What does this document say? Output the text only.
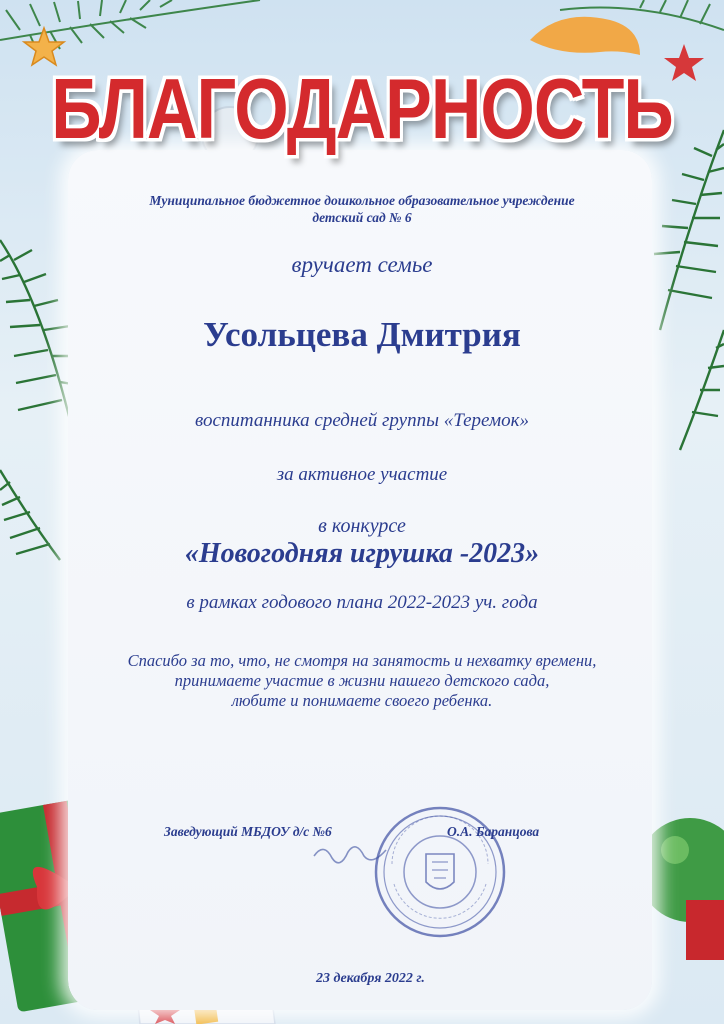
БЛАГОДАРНОСТЬ
Муниципальное бюджетное дошкольное образовательное учреждение
детский сад № 6
вручает семье
Усольцева Дмитрия
воспитанника средней группы «Теремок»
за активное участие
в конкурсе
«Новогодняя игрушка -2023»
в рамках годового плана 2022-2023 уч. года
Спасибо за то, что, не смотря на занятость и нехватку времени,
принимаете участие в жизни нашего детского сада,
любите и понимаете своего ребенка.
Заведующий МБДОУ д/с №6	О.А. Баранцова
23 декабря 2022 г.
